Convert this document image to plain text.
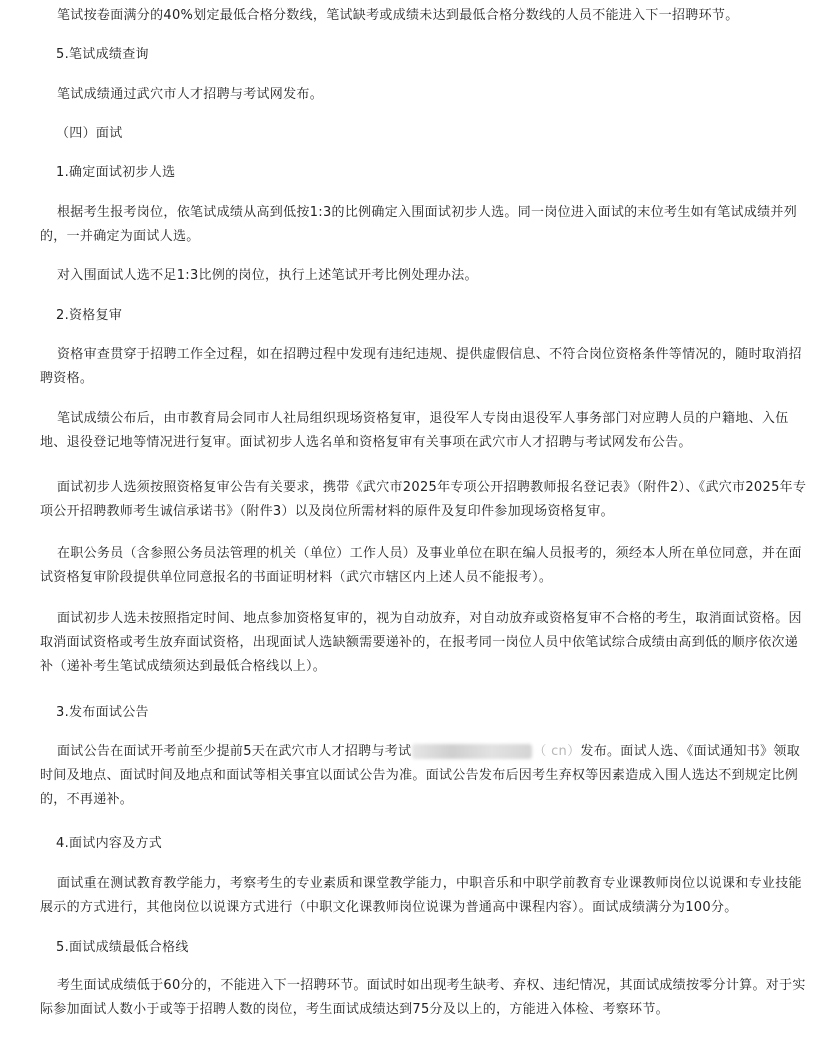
笔试按卷面满分的40%划定最低合格分数线，笔试缺考或成绩未达到最低合格分数线的人员不能进入下一招聘环节。

5.笔试成绩查询

笔试成绩通过武穴市人才招聘与考试网发布。

（四）面试

1.确定面试初步人选

根据考生报考岗位，依笔试成绩从高到低按1:3的比例确定入围面试初步人选。同一岗位进入面试的末位考生如有笔试成绩并列的，一并确定为面试人选。

对入围面试人选不足1:3比例的岗位，执行上述笔试开考比例处理办法。

2.资格复审

资格审查贯穿于招聘工作全过程，如在招聘过程中发现有违纪违规、提供虚假信息、不符合岗位资格条件等情况的，随时取消招聘资格。

笔试成绩公布后，由市教育局会同市人社局组织现场资格复审，退役军人专岗由退役军人事务部门对应聘人员的户籍地、入伍地、退役登记地等情况进行复审。面试初步人选名单和资格复审有关事项在武穴市人才招聘与考试网发布公告。

面试初步人选须按照资格复审公告有关要求，携带《武穴市2025年专项公开招聘教师报名登记表》（附件2）、《武穴市2025年专项公开招聘教师考生诚信承诺书》（附件3）以及岗位所需材料的原件及复印件参加现场资格复审。

在职公务员（含参照公务员法管理的机关（单位）工作人员）及事业单位在职在编人员报考的，须经本人所在单位同意，并在面试资格复审阶段提供单位同意报名的书面证明材料（武穴市辖区内上述人员不能报考）。

面试初步人选未按照指定时间、地点参加资格复审的，视为自动放弃，对自动放弃或资格复审不合格的考生，取消面试资格。因取消面试资格或考生放弃面试资格，出现面试人选缺额需要递补的，在报考同一岗位人员中依笔试综合成绩由高到低的顺序依次递补（递补考生笔试成绩须达到最低合格线以上）。

3.发布面试公告

面试公告在面试开考前至少提前5天在武穴市人才招聘与考试	（ cn）发布。面试人选、《面试通知书》领取时间及地点、面试时间及地点和面试等相关事宜以面试公告为准。面试公告发布后因考生弃权等因素造成入围人选达不到规定比例的，不再递补。

4.面试内容及方式

面试重在测试教育教学能力，考察考生的专业素质和课堂教学能力，中职音乐和中职学前教育专业课教师岗位以说课和专业技能展示的方式进行，其他岗位以说课方式进行（中职文化课教师岗位说课为普通高中课程内容）。面试成绩满分为100分。

5.面试成绩最低合格线

考生面试成绩低于60分的，不能进入下一招聘环节。面试时如出现考生缺考、弃权、违纪情况，其面试成绩按零分计算。对于实际参加面试人数小于或等于招聘人数的岗位，考生面试成绩达到75分及以上的，方能进入体检、考察环节。
